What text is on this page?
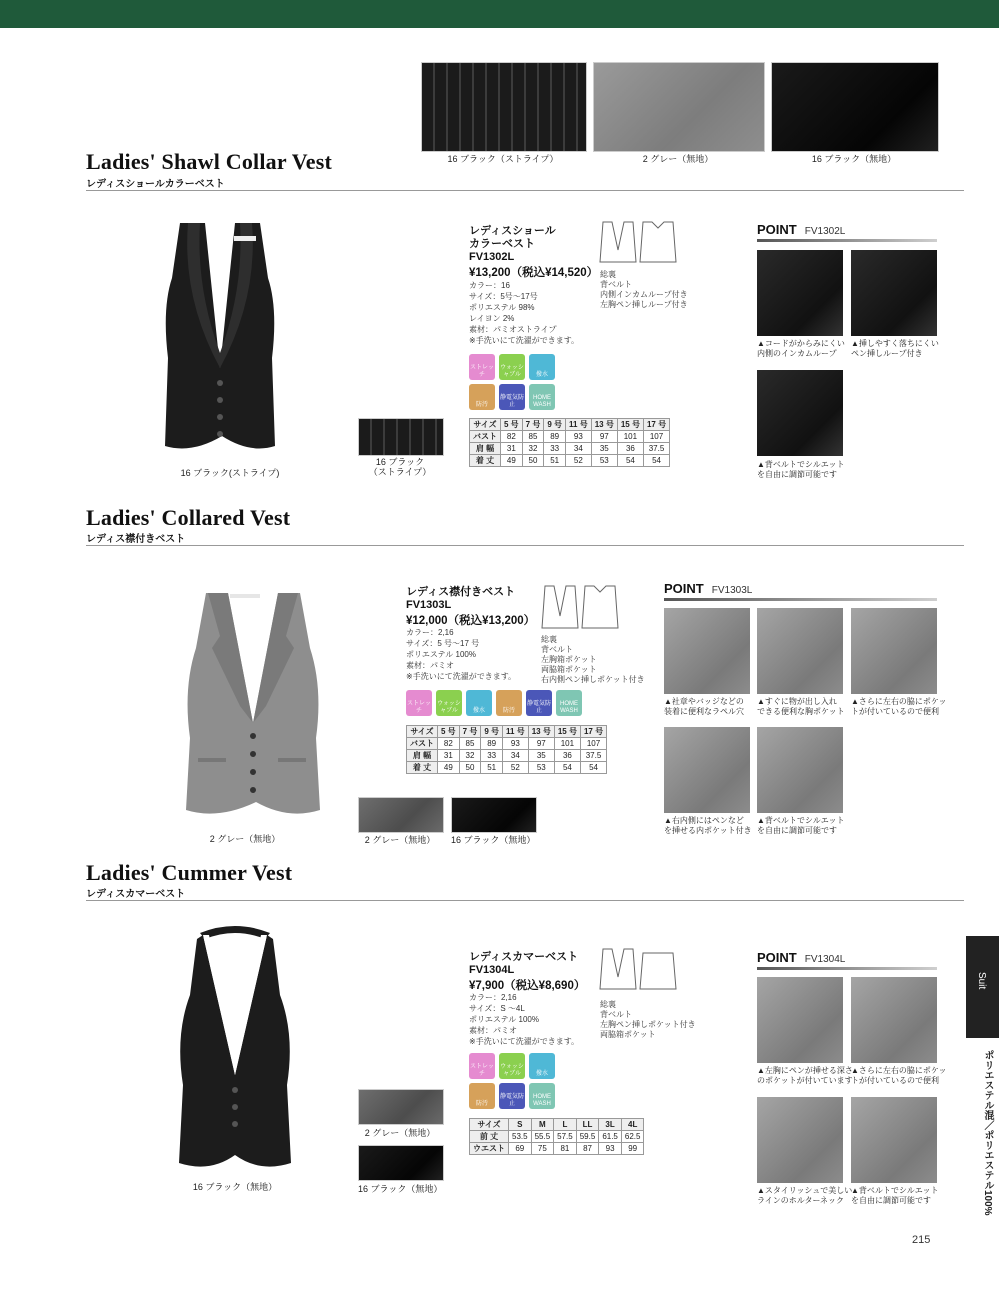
16 ブラック（ストライプ）	2 グレー（無地）	16 ブラック（無地）
Ladies' Shawl Collar Vest
レディスショールカラーベスト
16 ブラック(ストライプ)
16 ブラック
（ストライプ）
レディスショール
カラーベスト
FV1302L
¥13,200（税込¥14,520）
カラー：16
サイズ：5号～17号
ポリエステル 98%
レイヨン 2%
素材：パミオストライプ
※手洗いにて洗濯ができます。
総裏
背ベルト
内側インカムループ付き
左胸ペン挿しループ付き
ストレッチ
ウォッシャブル	撥水
防汚
静電気防止
HOME WASH
サイズ	5 号	7 号	9 号	11 号	13 号	15 号	17 号
バスト	82	85	89	93	97	101	107
肩 幅	31	32	33	34	35	36	37.5
着 丈	49	50	51	52	53	54	54
POINT FV1302L
▲コードがからみにくい
内側のインカムループ
▲挿しやすく落ちにくい
ペン挿しループ付き
▲背ベルトでシルエット
を自由に調節可能です
Ladies' Collared Vest
レディス襟付きベスト
2 グレー（無地）	2 グレー（無地）	16 ブラック（無地）
レディス襟付きベスト
FV1303L
¥12,000（税込¥13,200）
カラー：2,16
サイズ：5 号～17 号
ポリエステル 100%
素材：パミオ
※手洗いにて洗濯ができます。
総裏
背ベルト
左胸箱ポケット
両脇箱ポケット
右内側ペン挿しポケット付き
ストレッチ
ウォッシャブル	撥水	防汚
静電気防止
HOME WASH
サイズ	5 号	7 号	9 号	11 号	13 号	15 号	17 号
バスト	82	85	89	93	97	101	107
肩 幅	31	32	33	34	35	36	37.5
着 丈	49	50	51	52	53	54	54
POINT FV1303L
▲社章やバッジなどの
装着に便利なラペル穴
▲すぐに物が出し入れ
できる便利な胸ポケット
▲さらに左右の脇にポケッ
トが付いているので便利
▲右内側にはペンなど
を挿せる内ポケット付き
▲背ベルトでシルエット
を自由に調節可能です
Ladies' Cummer Vest
レディスカマーベスト
16 ブラック（無地）
2 グレー（無地）
16 ブラック（無地）
レディスカマーベスト
FV1304L
¥7,900（税込¥8,690）
カラー：2,16
サイズ：S ～4L
ポリエステル 100%
素材：パミオ
※手洗いにて洗濯ができます。
総裏
背ベルト
左胸ペン挿しポケット付き
両脇箱ポケット
ストレッチ
ウォッシャブル	撥水
防汚
静電気防止
HOME WASH
サイズ	S	M	L	LL	3L	4L
前 丈	53.5	55.5	57.5	59.5	61.5	62.5
ウエスト	69	75	81	87	93	99
POINT FV1304L
▲左胸にペンが挿せる深さ
のポケットが付いています
▲さらに左右の脇にポケッ
トが付いているので便利
▲スタイリッシュで美しい
ラインのホルターネック
▲背ベルトでシルエット
を自由に調節可能です
Suit
ポリエステル混／ポリエステル100%
215
